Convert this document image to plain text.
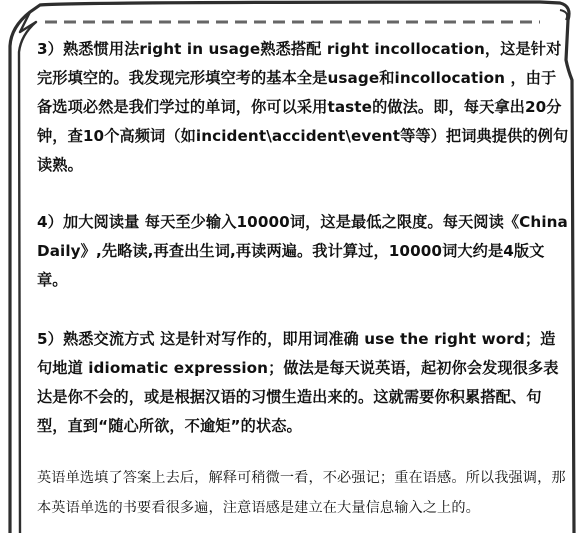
3）熟悉惯用法right in usage熟悉搭配 right incollocation，这是针对完形填空的。我发现完形填空考的基本全是usage和incollocation ，由于备选项必然是我们学过的单词，你可以采用taste的做法。即，每天拿出20分钟，查10个高频词（如incident\accident\event等等）把词典提供的例句读熟。

4）加大阅读量 每天至少输入10000词，这是最低之限度。每天阅读《China Daily》,先略读,再查出生词,再读两遍。我计算过，10000词大约是4版文章。

5）熟悉交流方式 这是针对写作的，即用词准确 use the right word；造句地道 idiomatic expression；做法是每天说英语，起初你会发现很多表达是你不会的，或是根据汉语的习惯生造出来的。这就需要你积累搭配、句型，直到“随心所欲，不逾矩”的状态。

英语单选填了答案上去后，解释可稍微一看，不必强记；重在语感。所以我强调，那本英语单选的书要看很多遍，注意语感是建立在大量信息输入之上的。
